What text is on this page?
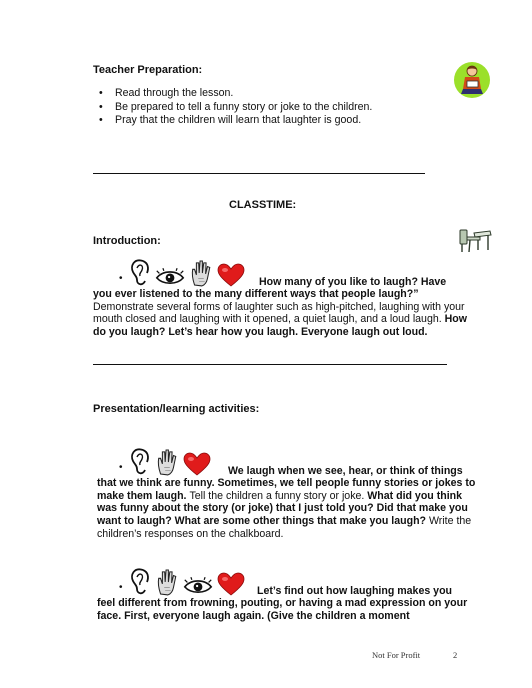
Teacher Preparation:
• Read through the lesson.
• Be prepared to tell a funny story or joke to the children.
• Pray that the children will learn that laughter is good.
CLASSTIME:
Introduction:
•	How many of you like to laugh? Have
you ever listened to the many different ways that people laugh?”
Demonstrate several forms of laughter such as high-pitched, laughing with your mouth closed and laughing with it opened, a quiet laugh, and a loud laugh. How do you laugh? Let’s hear how you laugh. Everyone laugh out loud.
Presentation/learning activities:
•	We laugh when we see, hear, or think of things
that we think are funny. Sometimes, we tell people funny stories or jokes to make them laugh. Tell the children a funny story or joke. What did you think was funny about the story (or joke) that I just told you? Did that make you want to laugh? What are some other things that make you laugh? Write the children’s responses on the chalkboard.
•	Let’s find out how laughing makes you
feel different from frowning, pouting, or having a mad expression on your face. First, everyone laugh again. (Give the children a moment
Not For Profit	2
